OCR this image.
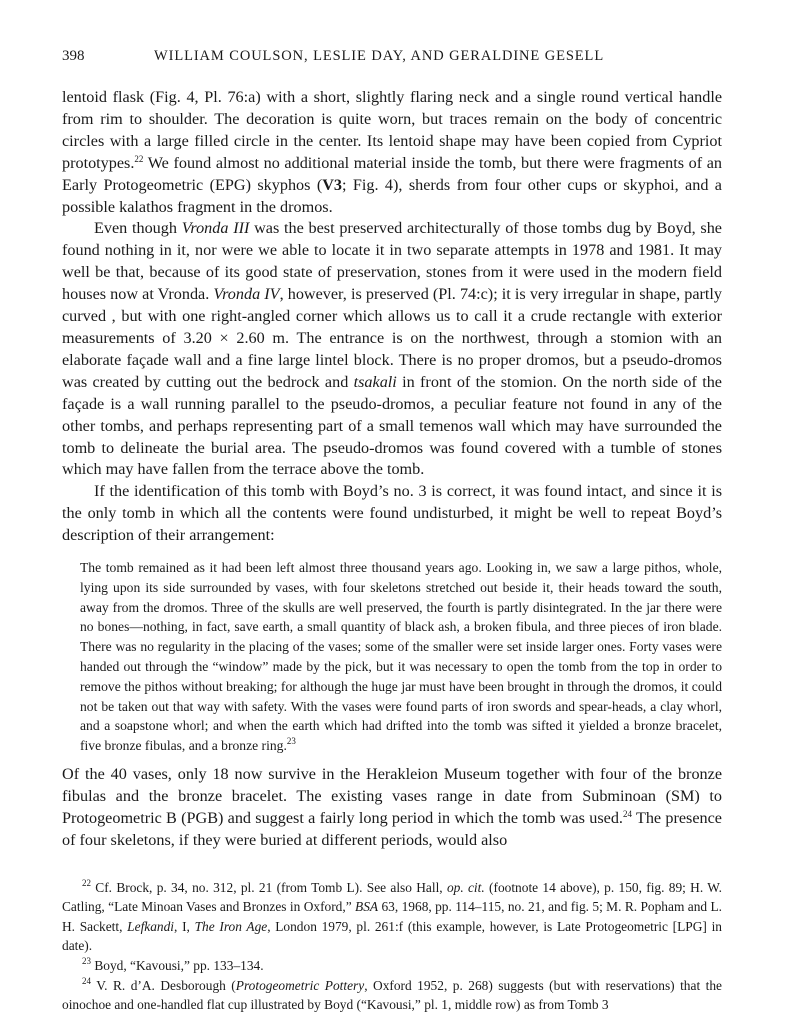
398	WILLIAM COULSON, LESLIE DAY, AND GERALDINE GESELL

lentoid flask (Fig. 4, Pl. 76:a) with a short, slightly flaring neck and a single round vertical handle from rim to shoulder. The decoration is quite worn, but traces remain on the body of concentric circles with a large filled circle in the center. Its lentoid shape may have been copied from Cypriot prototypes.$^{22}$ We found almost no additional material inside the tomb, but there were fragments of an Early Protogeometric (EPG) skyphos (V3; Fig. 4), sherds from four other cups or skyphoi, and a possible kalathos fragment in the dromos.

Even though Vronda III was the best preserved architecturally of those tombs dug by Boyd, she found nothing in it, nor were we able to locate it in two separate attempts in 1978 and 1981. It may well be that, because of its good state of preservation, stones from it were used in the modern field houses now at Vronda. Vronda IV, however, is preserved (Pl. 74:c); it is very irregular in shape, partly curved , but with one right-angled corner which allows us to call it a crude rectangle with exterior measurements of 3.20 × 2.60 m. The entrance is on the northwest, through a stomion with an elaborate façade wall and a fine large lintel block. There is no proper dromos, but a pseudo-dromos was created by cutting out the bedrock and tsakali in front of the stomion. On the north side of the façade is a wall running parallel to the pseudo-dromos, a peculiar feature not found in any of the other tombs, and perhaps representing part of a small temenos wall which may have surrounded the tomb to delineate the burial area. The pseudo-dromos was found covered with a tumble of stones which may have fallen from the terrace above the tomb.

If the identification of this tomb with Boyd’s no. 3 is correct, it was found intact, and since it is the only tomb in which all the contents were found undisturbed, it might be well to repeat Boyd’s description of their arrangement:

The tomb remained as it had been left almost three thousand years ago. Looking in, we saw a large pithos, whole, lying upon its side surrounded by vases, with four skeletons stretched out beside it, their heads toward the south, away from the dromos. Three of the skulls are well preserved, the fourth is partly disintegrated. In the jar there were no bones—nothing, in fact, save earth, a small quantity of black ash, a broken fibula, and three pieces of iron blade. There was no regularity in the placing of the vases; some of the smaller were set inside larger ones. Forty vases were handed out through the “window” made by the pick, but it was necessary to open the tomb from the top in order to remove the pithos without breaking; for although the huge jar must have been brought in through the dromos, it could not be taken out that way with safety. With the vases were found parts of iron swords and spear-heads, a clay whorl, and a soapstone whorl; and when the earth which had drifted into the tomb was sifted it yielded a bronze bracelet, five bronze fibulas, and a bronze ring.$^{23}$

Of the 40 vases, only 18 now survive in the Herakleion Museum together with four of the bronze fibulas and the bronze bracelet. The existing vases range in date from Subminoan (SM) to Protogeometric B (PGB) and suggest a fairly long period in which the tomb was used.$^{24}$ The presence of four skeletons, if they were buried at different periods, would also

$^{22}$ Cf. Brock, p. 34, no. 312, pl. 21 (from Tomb L). See also Hall, op. cit. (footnote 14 above), p. 150, fig. 89; H. W. Catling, “Late Minoan Vases and Bronzes in Oxford,” BSA 63, 1968, pp. 114–115, no. 21, and fig. 5; M. R. Popham and L. H. Sackett, Lefkandi, I, The Iron Age, London 1979, pl. 261:f (this example, however, is Late Protogeometric [LPG] in date).

$^{23}$ Boyd, “Kavousi,” pp. 133–134.

$^{24}$ V. R. d’A. Desborough (Protogeometric Pottery, Oxford 1952, p. 268) suggests (but with reservations) that the oinochoe and one-handled flat cup illustrated by Boyd (“Kavousi,” pl. 1, middle row) as from Tomb 3
